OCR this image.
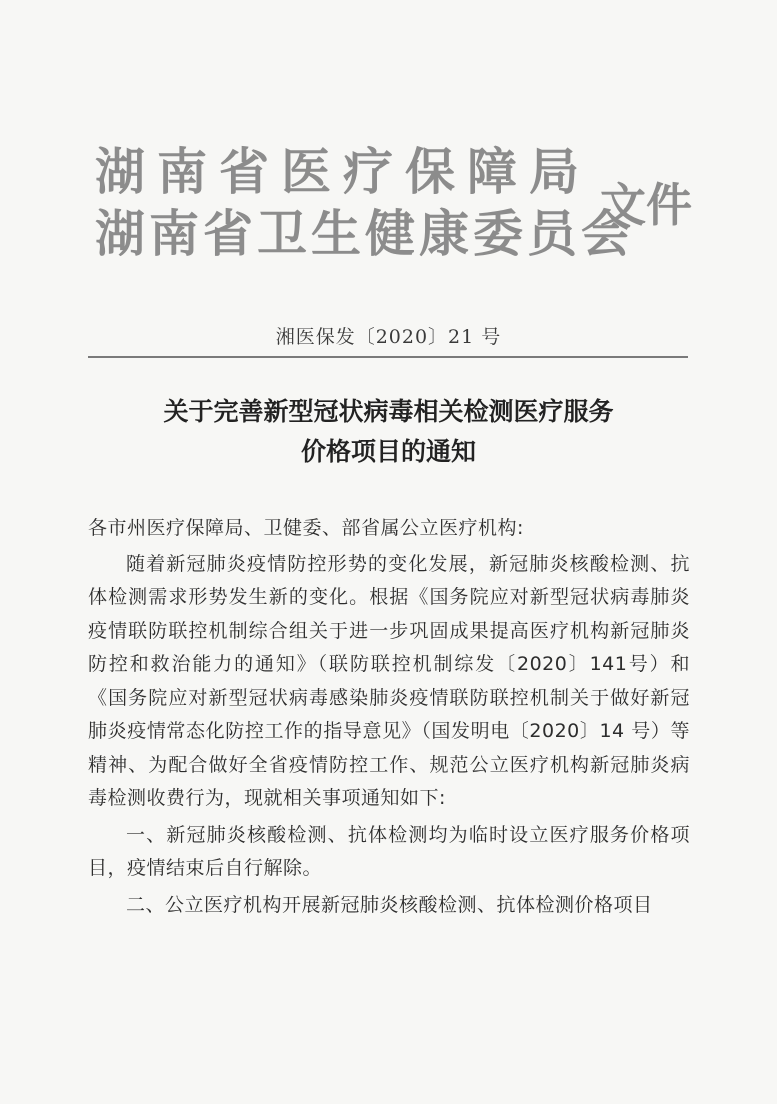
湖南省医疗保障局
湖南省卫生健康委员会
文件
湘医保发〔2020〕21 号
关于完善新型冠状病毒相关检测医疗服务
价格项目的通知

各市州医疗保障局、卫健委、部省属公立医疗机构:

随着新冠肺炎疫情防控形势的变化发展，新冠肺炎核酸检测、抗体检测需求形势发生新的变化。根据《国务院应对新型冠状病毒肺炎疫情联防联控机制综合组关于进一步巩固成果提高医疗机构新冠肺炎防控和救治能力的通知》（联防联控机制综发〔2020〕141号）和《国务院应对新型冠状病毒感染肺炎疫情联防联控机制关于做好新冠肺炎疫情常态化防控工作的指导意见》（国发明电〔2020〕14 号）等精神、为配合做好全省疫情防控工作、规范公立医疗机构新冠肺炎病毒检测收费行为，现就相关事项通知如下:

一、新冠肺炎核酸检测、抗体检测均为临时设立医疗服务价格项目，疫情结束后自行解除。

二、公立医疗机构开展新冠肺炎核酸检测、抗体检测价格项目
